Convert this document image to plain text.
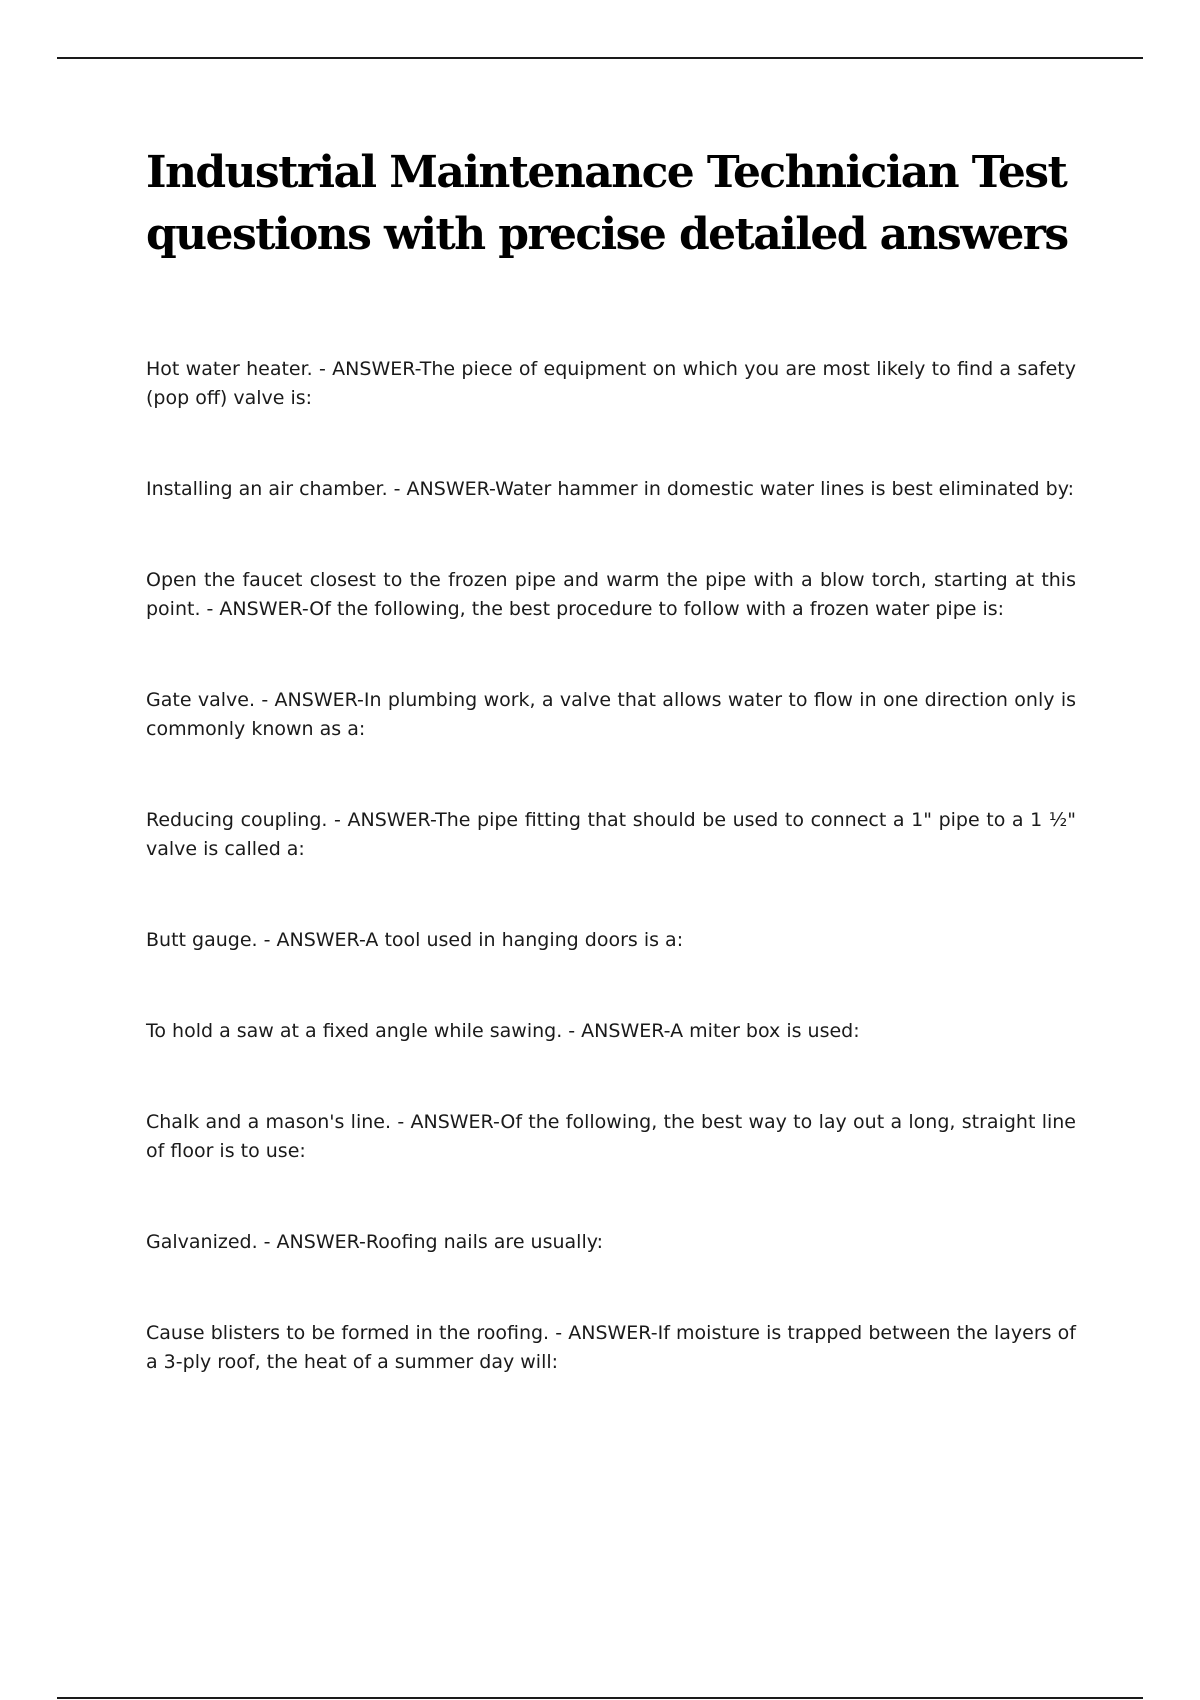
Industrial Maintenance Technician Test questions with precise detailed answers
Hot water heater. - ANSWER-The piece of equipment on which you are most likely to find a safety (pop off) valve is:
Installing an air chamber. - ANSWER-Water hammer in domestic water lines is best eliminated by:
Open the faucet closest to the frozen pipe and warm the pipe with a blow torch, starting at this point. - ANSWER-Of the following, the best procedure to follow with a frozen water pipe is:
Gate valve. - ANSWER-In plumbing work, a valve that allows water to flow in one direction only is commonly known as a:
Reducing coupling. - ANSWER-The pipe fitting that should be used to connect a 1" pipe to a 1 ½" valve is called a:
Butt gauge. - ANSWER-A tool used in hanging doors is a:
To hold a saw at a fixed angle while sawing. - ANSWER-A miter box is used:
Chalk and a mason's line. - ANSWER-Of the following, the best way to lay out a long, straight line of floor is to use:
Galvanized. - ANSWER-Roofing nails are usually:
Cause blisters to be formed in the roofing. - ANSWER-If moisture is trapped between the layers of a 3-ply roof, the heat of a summer day will:
